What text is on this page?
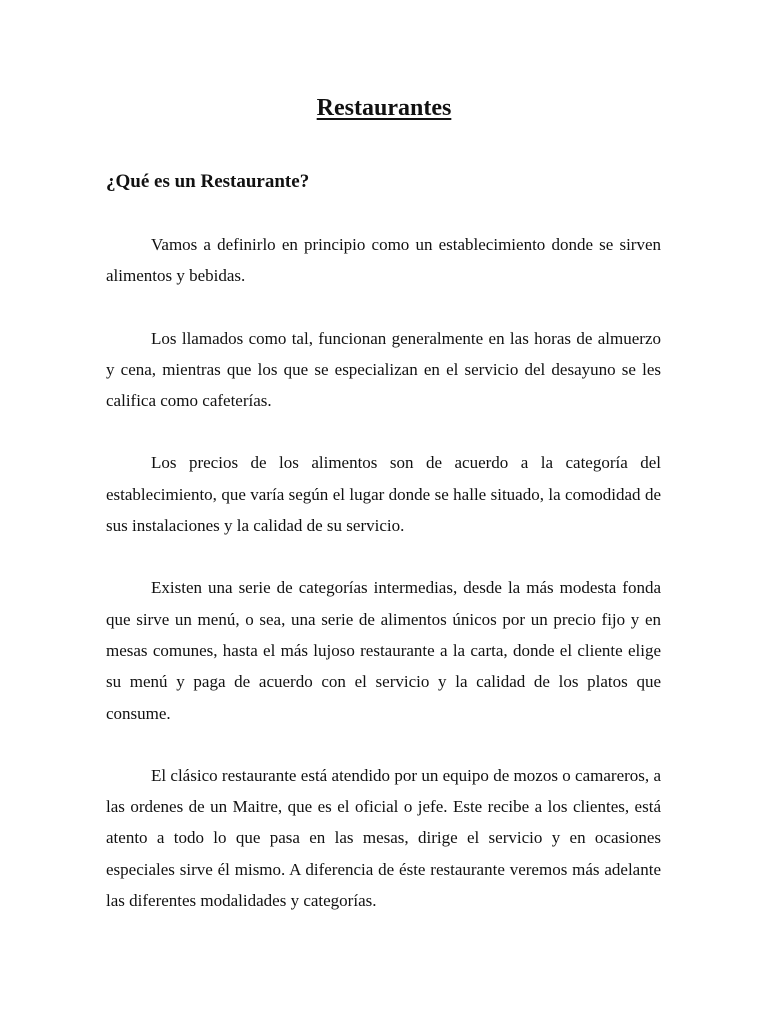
Restaurantes
¿Qué es un Restaurante?

Vamos a definirlo en principio como un establecimiento donde se sirven alimentos y bebidas.

Los llamados como tal, funcionan generalmente en las horas de almuerzo y cena, mientras que los que se especializan en el servicio del desayuno se les califica como cafeterías.

Los precios de los alimentos son de acuerdo a la categoría del establecimiento, que varía según el lugar donde se halle situado, la comodidad de sus instalaciones y la calidad de su servicio.

Existen una serie de categorías intermedias, desde la más modesta fonda que sirve un menú, o sea, una serie de alimentos únicos por un precio fijo y en mesas comunes, hasta el más lujoso restaurante a la carta, donde el cliente elige su menú y paga de acuerdo con el servicio y la calidad de los platos que consume.

El clásico restaurante está atendido por un equipo de mozos o camareros, a las ordenes de un Maitre, que es el oficial o jefe. Este recibe a los clientes, está atento a todo lo que pasa en las mesas, dirige el servicio y en ocasiones especiales sirve él mismo. A diferencia de éste restaurante veremos más adelante las diferentes modalidades y categorías.
